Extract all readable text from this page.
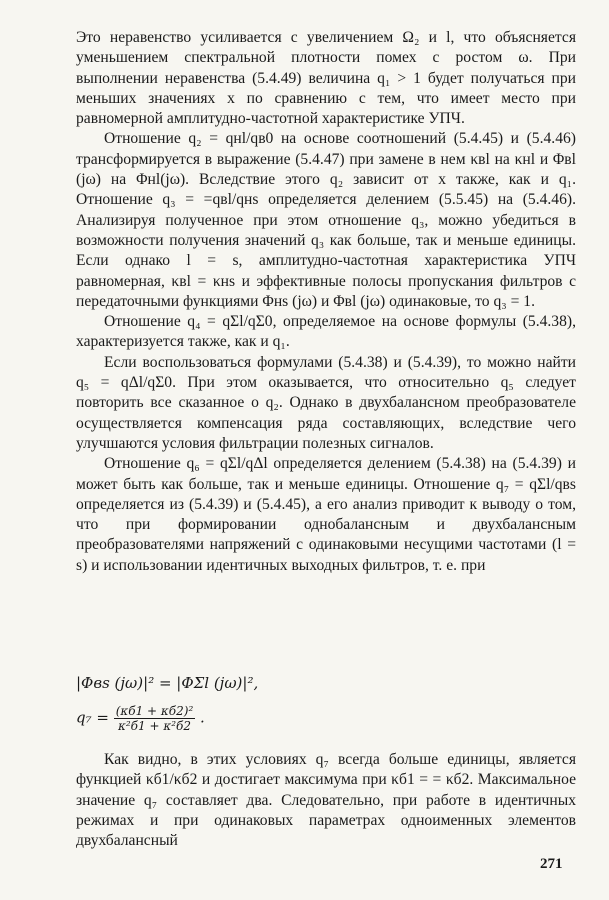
Это неравенство усиливается с увеличением Ω₂ и l, что объясняется уменьшением спектральной плотности помех с ростом ω. При выполнении неравенства (5.4.49) величина q₁ > 1 будет получаться при меньших значениях x по сравнению с тем, что имеет место при равномерной амплитудно-частотной характеристике УПЧ.

Отношение q₂ = qнl/qв0 на основе соотношений (5.4.45) и (5.4.46) трансформируется в выражение (5.4.47) при замене в нем κвl на κнl и Φвl (jω) на Φнl(jω). Вследствие этого q₂ зависит от x также, как и q₁. Отношение q₃ = =qвl/qнs определяется делением (5.5.45) на (5.4.46). Анализируя полученное при этом отношение q₃, можно убедиться в возможности получения значений q₃ как больше, так и меньше единицы. Если однако l = s, амплитудно-частотная характеристика УПЧ равномерная, κвl = κнs и эффективные полосы пропускания фильтров с передаточными функциями Φнs (jω) и Φвl (jω) одинаковые, то q₃ = 1.

Отношение q₄ = qΣl/qΣ0, определяемое на основе формулы (5.4.38), характеризуется также, как и q₁.

Если воспользоваться формулами (5.4.38) и (5.4.39), то можно найти q₅ = qΔl/qΣ0. При этом оказывается, что относительно q₅ следует повторить все сказанное о q₂. Однако в двухбалансном преобразователе осуществляется компенсация ряда составляющих, вследствие чего улучшаются условия фильтрации полезных сигналов.

Отношение q₆ = qΣl/qΔl определяется делением (5.4.38) на (5.4.39) и может быть как больше, так и меньше единицы. Отношение q₇ = qΣl/qвs определяется из (5.4.39) и (5.4.45), а его анализ приводит к выводу о том, что при формировании однобалансным и двухбалансным преобразователями напряжений с одинаковыми несущими частотами (l = s) и использовании идентичных выходных фильтров, т. е. при

|Φвs (jω)|² = |ΦΣl (jω)|²,
$q_7 = \frac{\text{(κб1 + κб2)²}}{\text{κ²б1 + κ²б2}}$ .

Как видно, в этих условиях q₇ всегда больше единицы, является функцией κб1/κб2 и достигает максимума при κб1 = = κб2. Максимальное значение q₇ составляет два. Следовательно, при работе в идентичных режимах и при одинаковых параметрах одноименных элементов двухбалансный

271
